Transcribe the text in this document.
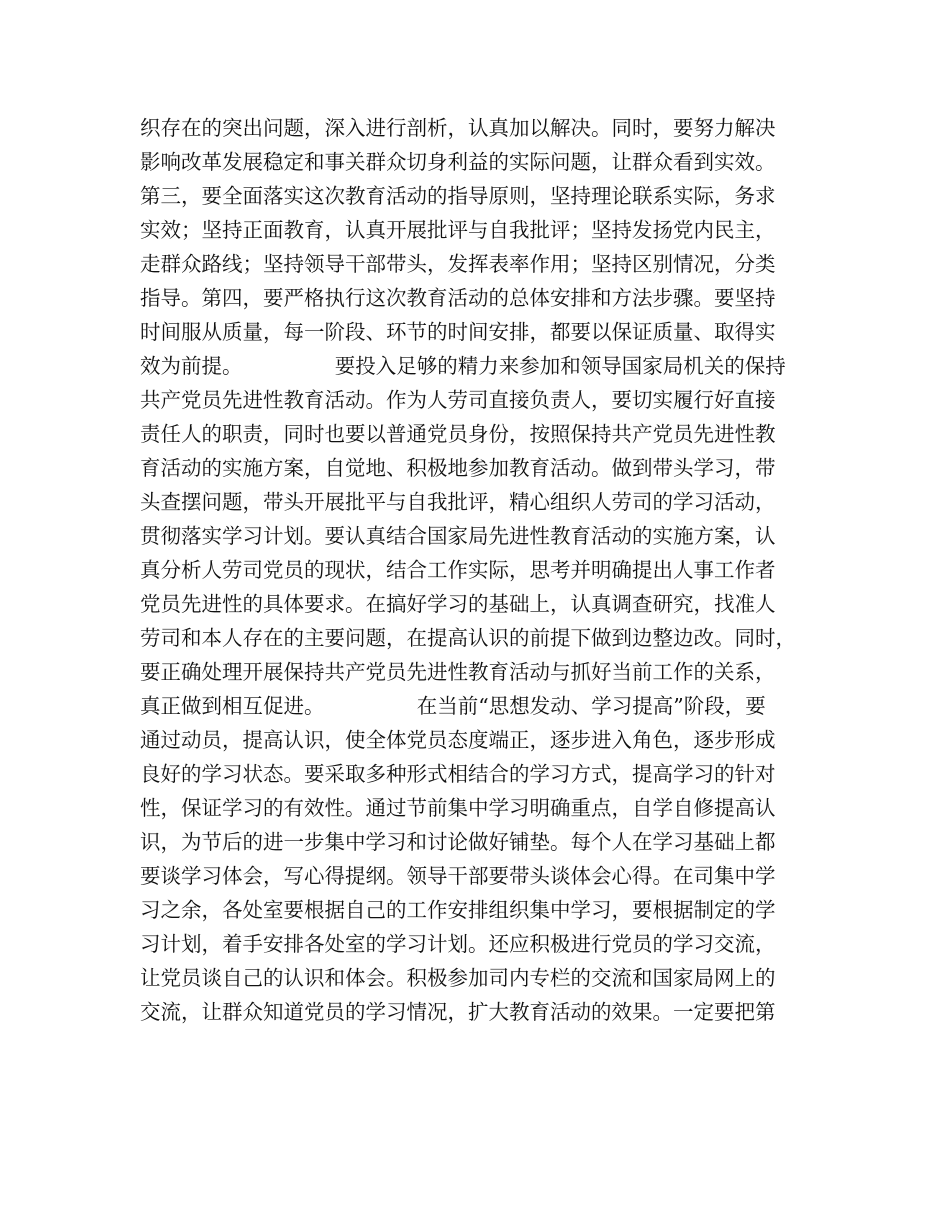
织存在的突出问题，深入进行剖析，认真加以解决。同时，要努力解决
影响改革发展稳定和事关群众切身利益的实际问题，让群众看到实效。
第三，要全面落实这次教育活动的指导原则，坚持理论联系实际，务求
实效；坚持正面教育，认真开展批评与自我批评；坚持发扬党内民主，
走群众路线；坚持领导干部带头，发挥表率作用；坚持区别情况，分类
指导。第四，要严格执行这次教育活动的总体安排和方法步骤。要坚持
时间服从质量，每一阶段、环节的时间安排，都要以保证质量、取得实
效为前提。　　　　　要投入足够的精力来参加和领导国家局机关的保持
共产党员先进性教育活动。作为人劳司直接负责人，要切实履行好直接
责任人的职责，同时也要以普通党员身份，按照保持共产党员先进性教
育活动的实施方案，自觉地、积极地参加教育活动。做到带头学习，带
头查摆问题，带头开展批平与自我批评，精心组织人劳司的学习活动，
贯彻落实学习计划。要认真结合国家局先进性教育活动的实施方案，认
真分析人劳司党员的现状，结合工作实际，思考并明确提出人事工作者
党员先进性的具体要求。在搞好学习的基础上，认真调查研究，找准人
劳司和本人存在的主要问题，在提高认识的前提下做到边整边改。同时，
要正确处理开展保持共产党员先进性教育活动与抓好当前工作的关系，
真正做到相互促进。　　　　　在当前“思想发动、学习提高”阶段，要
通过动员，提高认识，使全体党员态度端正，逐步进入角色，逐步形成
良好的学习状态。要采取多种形式相结合的学习方式，提高学习的针对
性，保证学习的有效性。通过节前集中学习明确重点，自学自修提高认
识，为节后的进一步集中学习和讨论做好铺垫。每个人在学习基础上都
要谈学习体会，写心得提纲。领导干部要带头谈体会心得。在司集中学
习之余，各处室要根据自己的工作安排组织集中学习，要根据制定的学
习计划，着手安排各处室的学习计划。还应积极进行党员的学习交流，
让党员谈自己的认识和体会。积极参加司内专栏的交流和国家局网上的
交流，让群众知道党员的学习情况，扩大教育活动的效果。一定要把第
